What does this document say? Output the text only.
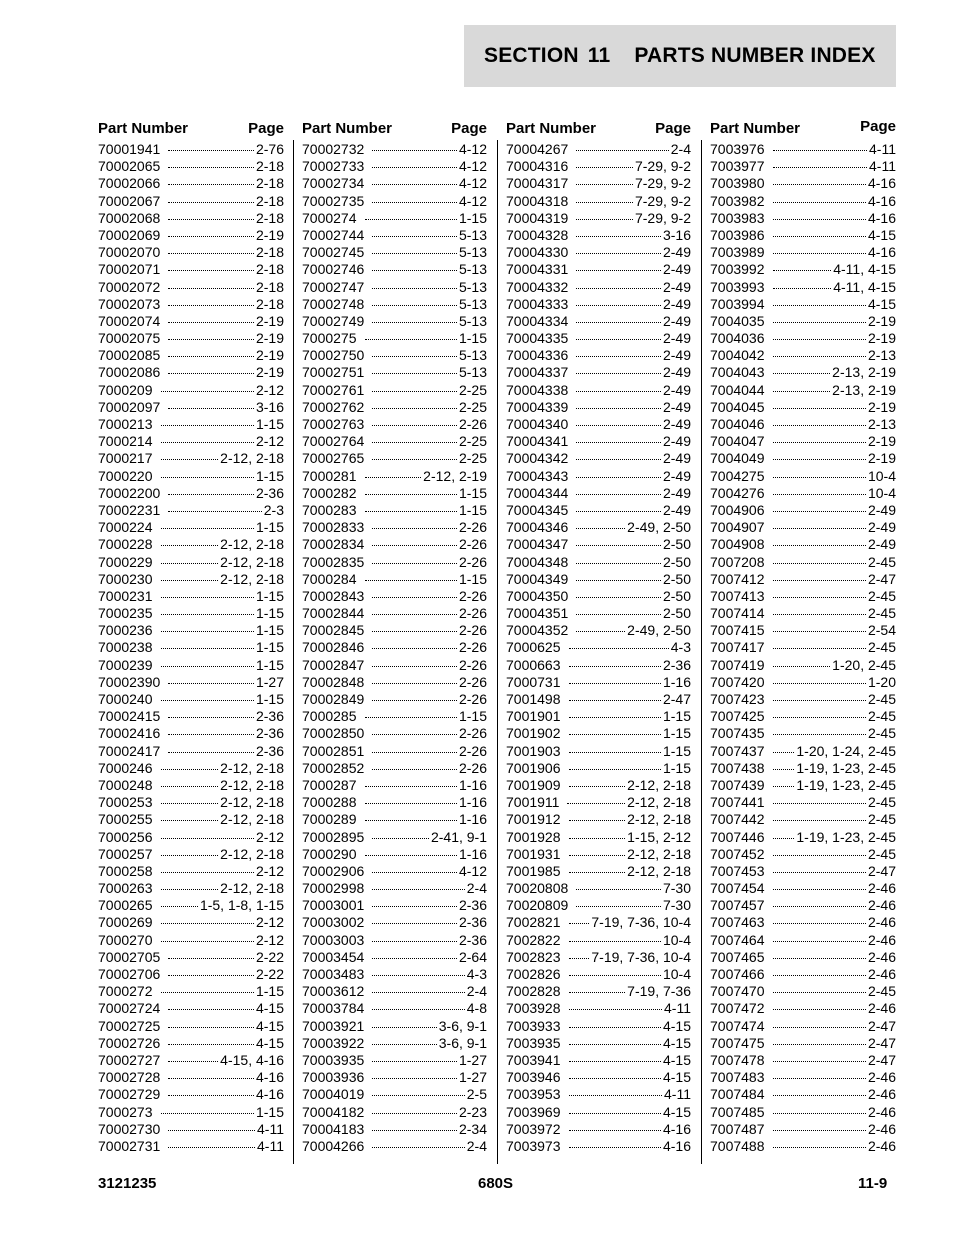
SECTION 11 PARTS NUMBER INDEX
Part Number	Page
70001941	2-76
70002065	2-18
70002066	2-18
70002067	2-18
70002068	2-18
70002069	2-19
70002070	2-18
70002071	2-18
70002072	2-18
70002073	2-18
70002074	2-19
70002075	2-19
70002085	2-19
70002086	2-19
7000209	2-12
70002097	3-16
7000213	1-15
7000214	2-12
7000217	2-12, 2-18
7000220	1-15
70002200	2-36
70002231	2-3
7000224	1-15
7000228	2-12, 2-18
7000229	2-12, 2-18
7000230	2-12, 2-18
7000231	1-15
7000235	1-15
7000236	1-15
7000238	1-15
7000239	1-15
70002390	1-27
7000240	1-15
70002415	2-36
70002416	2-36
70002417	2-36
7000246	2-12, 2-18
7000248	2-12, 2-18
7000253	2-12, 2-18
7000255	2-12, 2-18
7000256	2-12
7000257	2-12, 2-18
7000258	2-12
7000263	2-12, 2-18
7000265	1-5, 1-8, 1-15
7000269	2-12
7000270	2-12
70002705	2-22
70002706	2-22
7000272	1-15
70002724	4-15
70002725	4-15
70002726	4-15
70002727	4-15, 4-16
70002728	4-16
70002729	4-16
7000273	1-15
70002730	4-11
70002731	4-11
Part Number	Page
70002732	4-12
70002733	4-12
70002734	4-12
70002735	4-12
7000274	1-15
70002744	5-13
70002745	5-13
70002746	5-13
70002747	5-13
70002748	5-13
70002749	5-13
7000275	1-15
70002750	5-13
70002751	5-13
70002761	2-25
70002762	2-25
70002763	2-26
70002764	2-25
70002765	2-25
7000281	2-12, 2-19
7000282	1-15
7000283	1-15
70002833	2-26
70002834	2-26
70002835	2-26
7000284	1-15
70002843	2-26
70002844	2-26
70002845	2-26
70002846	2-26
70002847	2-26
70002848	2-26
70002849	2-26
7000285	1-15
70002850	2-26
70002851	2-26
70002852	2-26
7000287	1-16
7000288	1-16
7000289	1-16
70002895	2-41, 9-1
7000290	1-16
70002906	4-12
70002998	2-4
70003001	2-36
70003002	2-36
70003003	2-36
70003454	2-64
70003483	4-3
70003612	2-4
70003784	4-8
70003921	3-6, 9-1
70003922	3-6, 9-1
70003935	1-27
70003936	1-27
70004019	2-5
70004182	2-23
70004183	2-34
70004266	2-4
Part Number	Page
70004267	2-4
70004316	7-29, 9-2
70004317	7-29, 9-2
70004318	7-29, 9-2
70004319	7-29, 9-2
70004328	3-16
70004330	2-49
70004331	2-49
70004332	2-49
70004333	2-49
70004334	2-49
70004335	2-49
70004336	2-49
70004337	2-49
70004338	2-49
70004339	2-49
70004340	2-49
70004341	2-49
70004342	2-49
70004343	2-49
70004344	2-49
70004345	2-49
70004346	2-49, 2-50
70004347	2-50
70004348	2-50
70004349	2-50
70004350	2-50
70004351	2-50
70004352	2-49, 2-50
7000625	4-3
7000663	2-36
7000731	1-16
7001498	2-47
7001901	1-15
7001902	1-15
7001903	1-15
7001906	1-15
7001909	2-12, 2-18
7001911	2-12, 2-18
7001912	2-12, 2-18
7001928	1-15, 2-12
7001931	2-12, 2-18
7001985	2-12, 2-18
70020808	7-30
70020809	7-30
7002821 7-19, 7-36, 10-4
7002822	10-4
7002823 7-19, 7-36, 10-4
7002826	10-4
7002828	7-19, 7-36
7003928	4-11
7003933	4-15
7003935	4-15
7003941	4-15
7003946	4-15
7003953	4-11
7003969	4-15
7003972	4-16
7003973	4-16
Part Number	Page
7003976	4-11
7003977	4-11
7003980	4-16
7003982	4-16
7003983	4-16
7003986	4-15
7003989	4-16
7003992	4-11, 4-15
7003993	4-11, 4-15
7003994	4-15
7004035	2-19
7004036	2-19
7004042	2-13
7004043	2-13, 2-19
7004044	2-13, 2-19
7004045	2-19
7004046	2-13
7004047	2-19
7004049	2-19
7004275	10-4
7004276	10-4
7004906	2-49
7004907	2-49
7004908	2-49
7007208	2-45
7007412	2-47
7007413	2-45
7007414	2-45
7007415	2-54
7007417	2-45
7007419	1-20, 2-45
7007420	1-20
7007423	2-45
7007425	2-45
7007435	2-45
7007437 1-20, 1-24, 2-45
7007438 1-19, 1-23, 2-45
7007439 1-19, 1-23, 2-45
7007441	2-45
7007442	2-45
7007446 1-19, 1-23, 2-45
7007452	2-45
7007453	2-47
7007454	2-46
7007457	2-46
7007463	2-46
7007464	2-46
7007465	2-46
7007466	2-46
7007470	2-45
7007472	2-46
7007474	2-47
7007475	2-47
7007478	2-47
7007483	2-46
7007484	2-46
7007485	2-46
7007487	2-46
7007488	2-46
3121235	680S	11-9
